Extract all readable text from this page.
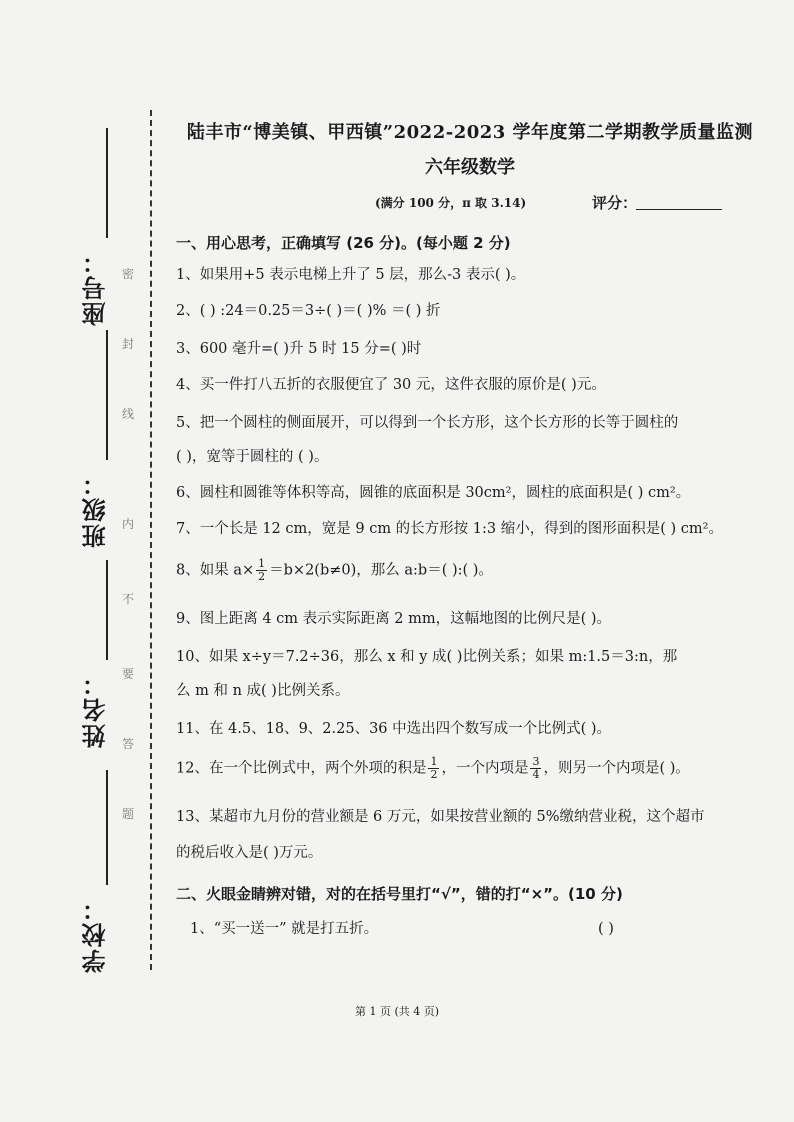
座号：
班级：
姓名：
学校：
密
封
线
内
不
要
答
题
陆丰市“博美镇、甲西镇”2022-2023 学年度第二学期教学质量监测
六年级数学
(满分 100 分，π 取 3.14)	评分：
一、用心思考，正确填写 (26 分)。(每小题 2 分)
1、如果用+5 表示电梯上升了 5 层，那么-3 表示( )。
2、( ) :24＝0.25＝3÷( )＝( )% ＝( ) 折
3、600 毫升=( )升 5 时 15 分=( )时
4、买一件打八五折的衣服便宜了 30 元，这件衣服的原价是( )元。
5、把一个圆柱的侧面展开，可以得到一个长方形，这个长方形的长等于圆柱的
( )，宽等于圆柱的 ( )。
6、圆柱和圆锥等体积等高，圆锥的底面积是 30cm²，圆柱的底面积是( ) cm²。
7、一个长是 12 cm，宽是 9 cm 的长方形按 1:3 缩小，得到的图形面积是( ) cm²。
8、如果 $a\times \frac{1}{2} =b\times 2(b\ne 0)$，那么 a:b＝( ):( )。
9、图上距离 4 cm 表示实际距离 2 mm，这幅地图的比例尺是( )。
10、如果 x÷y＝7.2÷36，那么 x 和 y 成( )比例关系；如果 m:1.5＝3:n，那
么 m 和 n 成( )比例关系。
11、在 4.5、18、9、2.25、36 中选出四个数写成一个比例式( )。
12、在一个比例式中，两个外项的积是 $\frac{1}{2}$ ，一个内项是 $\frac{3}{4}$ ，则另一个内项是( )。
13、某超市九月份的营业额是 6 万元，如果按营业额的 5%缴纳营业税，这个超市
的税后收入是( )万元。
二、火眼金睛辨对错，对的在括号里打“√”，错的打“×”。(10 分)
1、“买一送一” 就是打五折。	( )
第 1 页 (共 4 页)
